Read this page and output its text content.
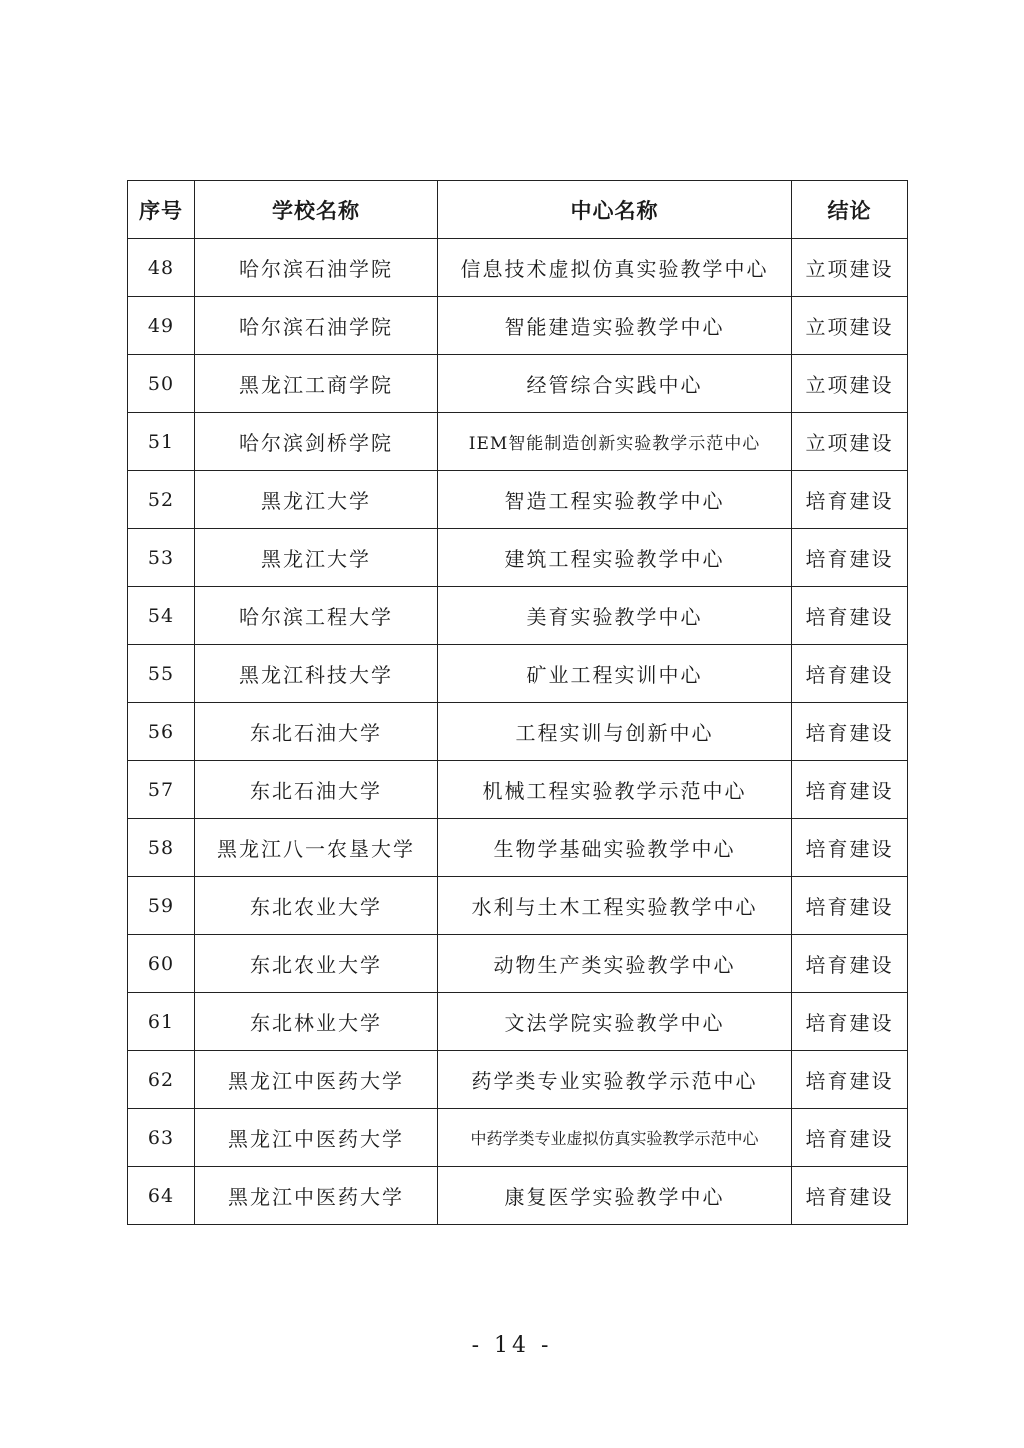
序号	学校名称	中心名称	结论
48	哈尔滨石油学院	信息技术虚拟仿真实验教学中心	立项建设
49	哈尔滨石油学院	智能建造实验教学中心	立项建设
50	黑龙江工商学院	经管综合实践中心	立项建设
51	哈尔滨剑桥学院	IEM智能制造创新实验教学示范中心	立项建设
52	黑龙江大学	智造工程实验教学中心	培育建设
53	黑龙江大学	建筑工程实验教学中心	培育建设
54	哈尔滨工程大学	美育实验教学中心	培育建设
55	黑龙江科技大学	矿业工程实训中心	培育建设
56	东北石油大学	工程实训与创新中心	培育建设
57	东北石油大学	机械工程实验教学示范中心	培育建设
58	黑龙江八一农垦大学	生物学基础实验教学中心	培育建设
59	东北农业大学	水利与土木工程实验教学中心	培育建设
60	东北农业大学	动物生产类实验教学中心	培育建设
61	东北林业大学	文法学院实验教学中心	培育建设
62	黑龙江中医药大学	药学类专业实验教学示范中心	培育建设
63	黑龙江中医药大学	中药学类专业虚拟仿真实验教学示范中心	培育建设
64	黑龙江中医药大学	康复医学实验教学中心	培育建设
- 14 -
